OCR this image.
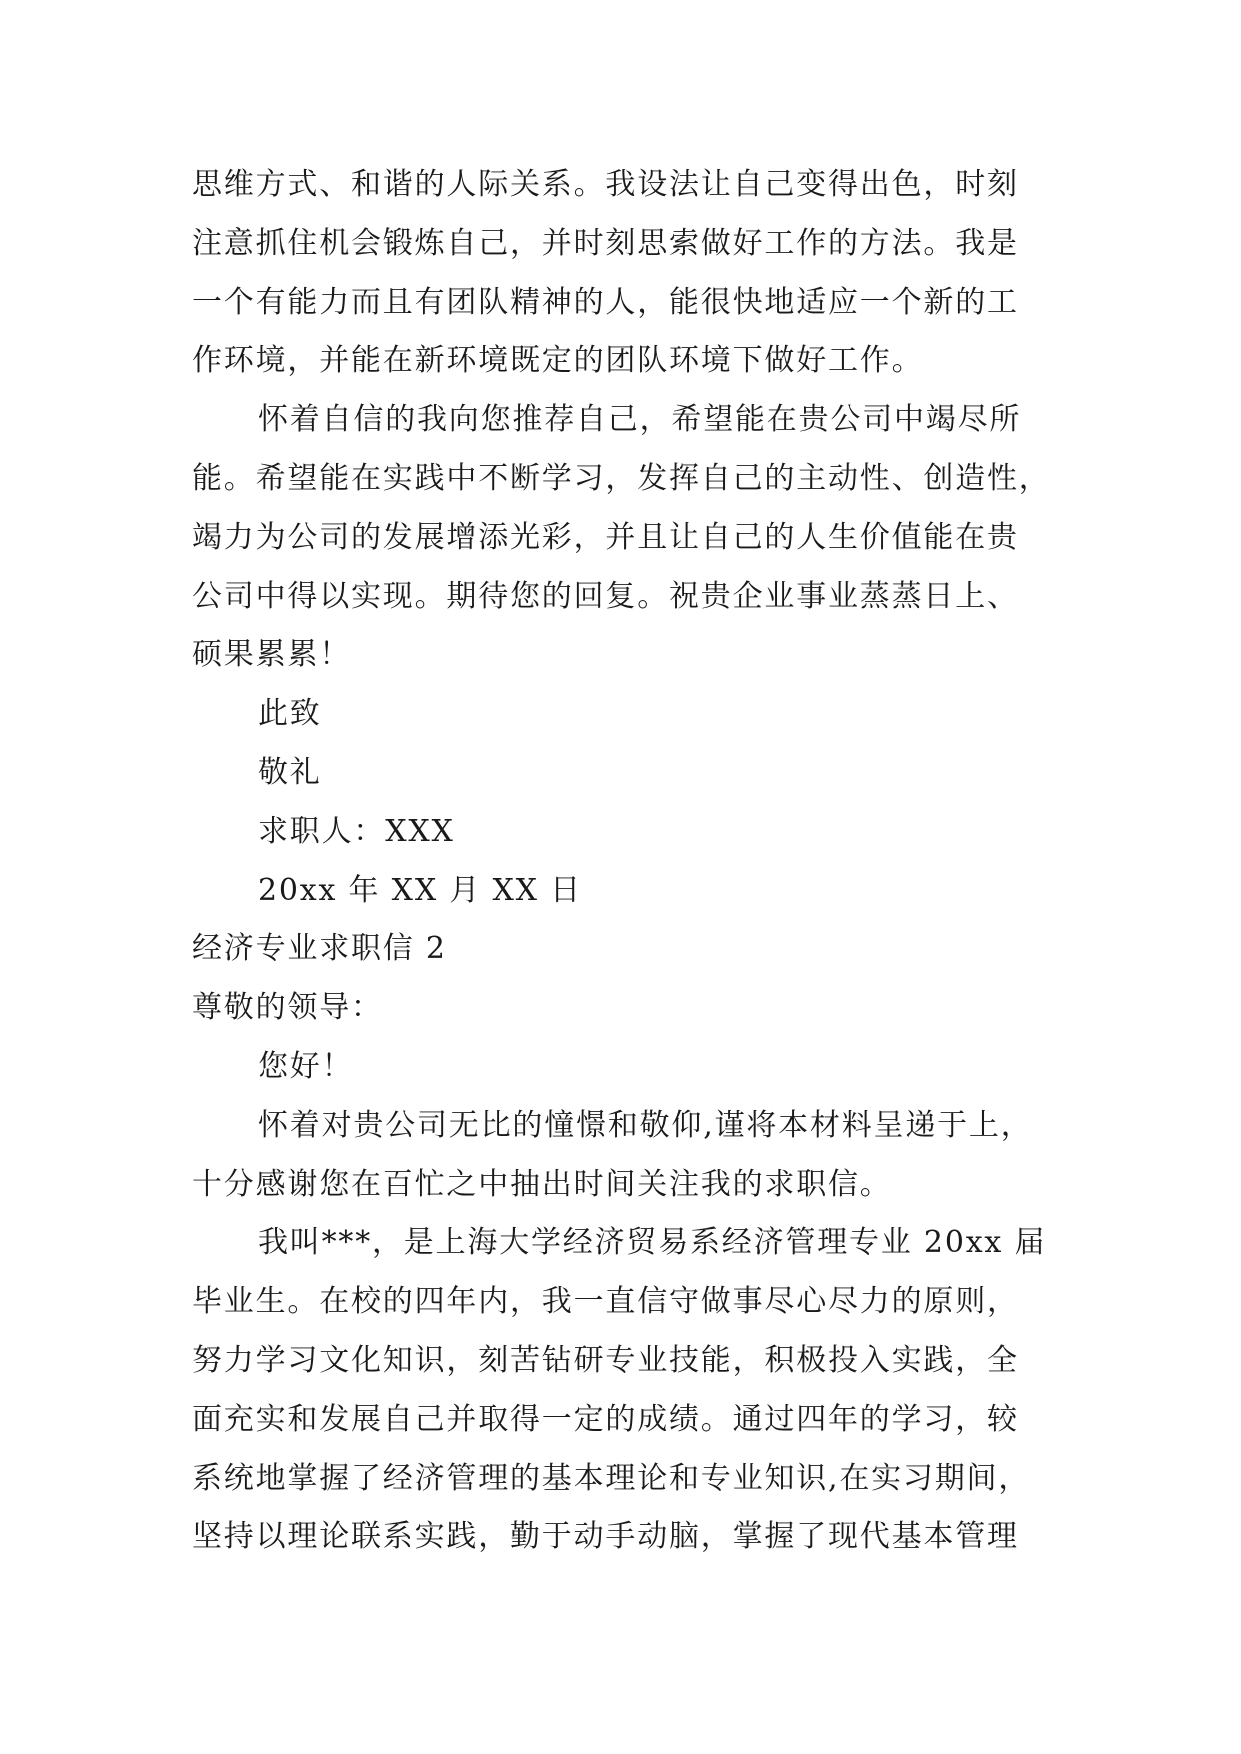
思维方式、和谐的人际关系。我设法让自己变得出色，时刻
注意抓住机会锻炼自己，并时刻思索做好工作的方法。我是
一个有能力而且有团队精神的人，能很快地适应一个新的工
作环境，并能在新环境既定的团队环境下做好工作。
怀着自信的我向您推荐自己，希望能在贵公司中竭尽所
能。希望能在实践中不断学习，发挥自己的主动性、创造性，
竭力为公司的发展增添光彩，并且让自己的人生价值能在贵
公司中得以实现。期待您的回复。祝贵企业事业蒸蒸日上、
硕果累累！
此致
敬礼
求职人：XXX
20xx 年 XX 月 XX 日
经济专业求职信 2
尊敬的领导：
您好！
怀着对贵公司无比的憧憬和敬仰,谨将本材料呈递于上，
十分感谢您在百忙之中抽出时间关注我的求职信。
我叫***，是上海大学经济贸易系经济管理专业 20xx 届
毕业生。在校的四年内，我一直信守做事尽心尽力的原则，
努力学习文化知识，刻苦钻研专业技能，积极投入实践，全
面充实和发展自己并取得一定的成绩。通过四年的学习，较
系统地掌握了经济管理的基本理论和专业知识,在实习期间，
坚持以理论联系实践，勤于动手动脑，掌握了现代基本管理
